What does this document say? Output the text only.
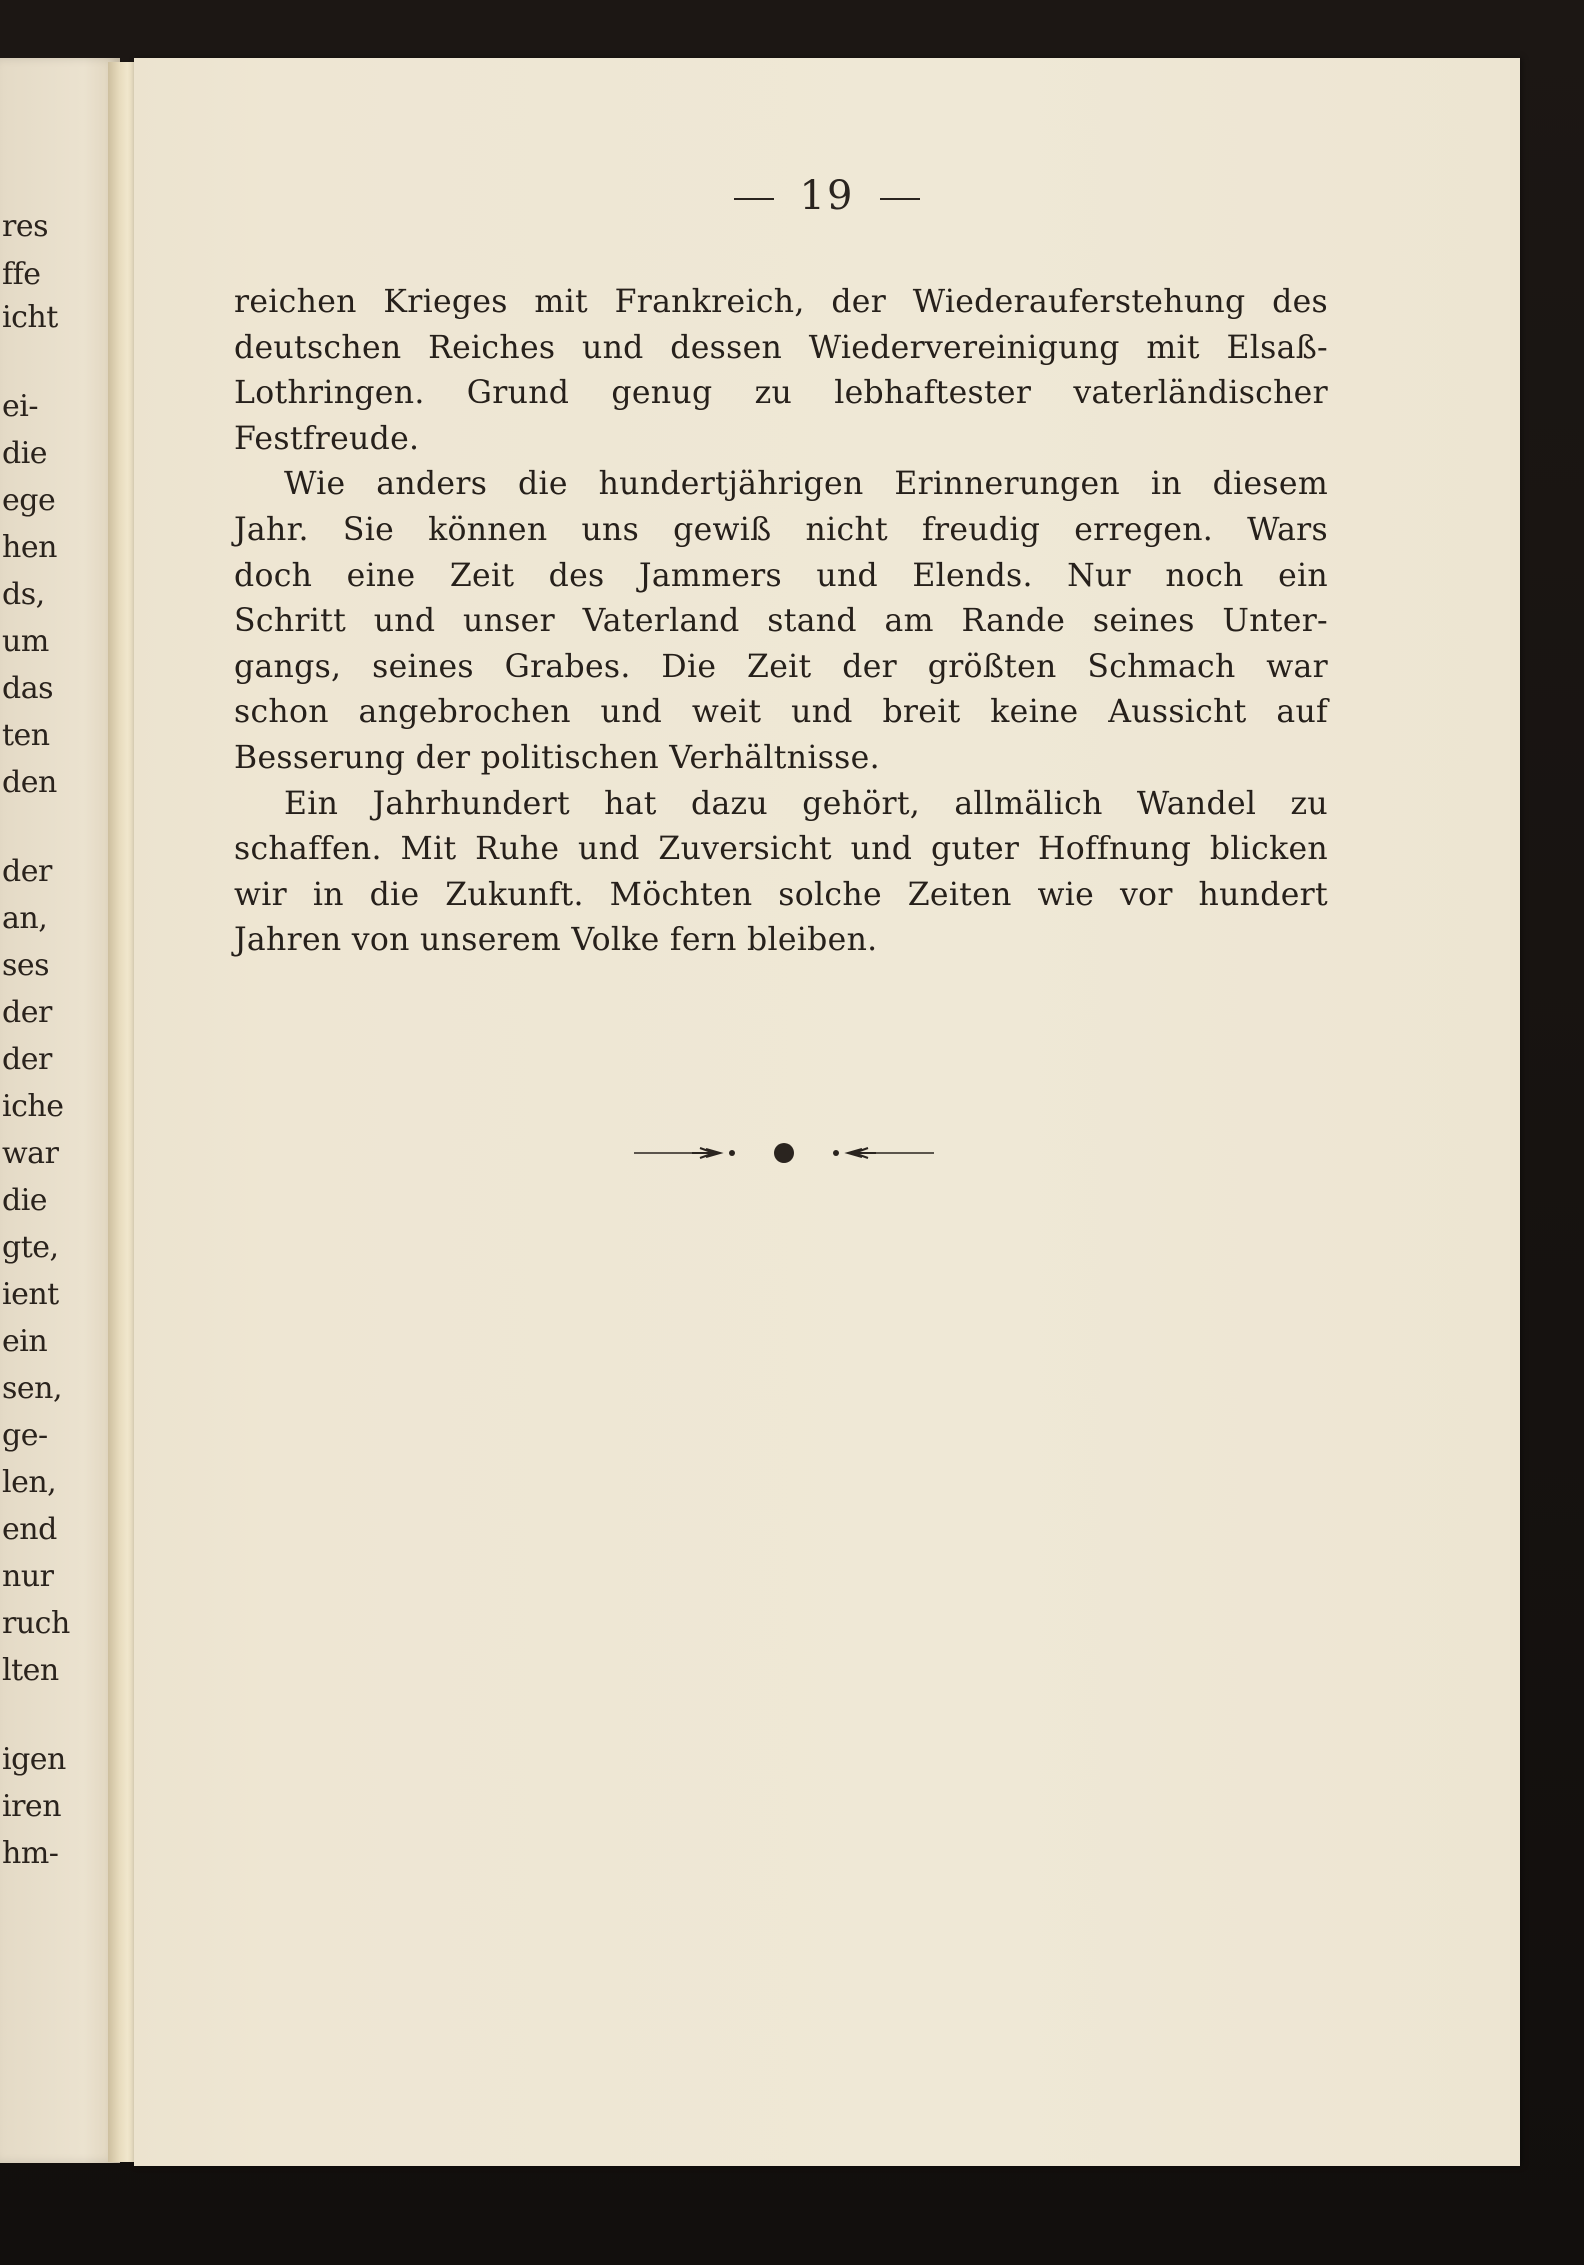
res
ffe
icht
ei-
die
ege
hen
ds,
um
das
ten
den
der
an,
ses
der
der
iche
war
die
gte,
ient
ein
sen,
ge-
len,
end
nur
ruch
lten
igen
iren
hm-
19
reichen Krieges mit Frankreich, der Wiederauferstehung des
deutschen Reiches und dessen Wiedervereinigung mit Elsaß-
Lothringen. Grund genug zu lebhaftester vaterländischer
Festfreude.
Wie anders die hundertjährigen Erinnerungen in diesem
Jahr. Sie können uns gewiß nicht freudig erregen. Wars
doch eine Zeit des Jammers und Elends. Nur noch ein
Schritt und unser Vaterland stand am Rande seines Unter-
gangs, seines Grabes. Die Zeit der größten Schmach war
schon angebrochen und weit und breit keine Aussicht auf
Besserung der politischen Verhältnisse.
Ein Jahrhundert hat dazu gehört, allmälich Wandel zu
schaffen. Mit Ruhe und Zuversicht und guter Hoffnung blicken
wir in die Zukunft. Möchten solche Zeiten wie vor hundert
Jahren von unserem Volke fern bleiben.
